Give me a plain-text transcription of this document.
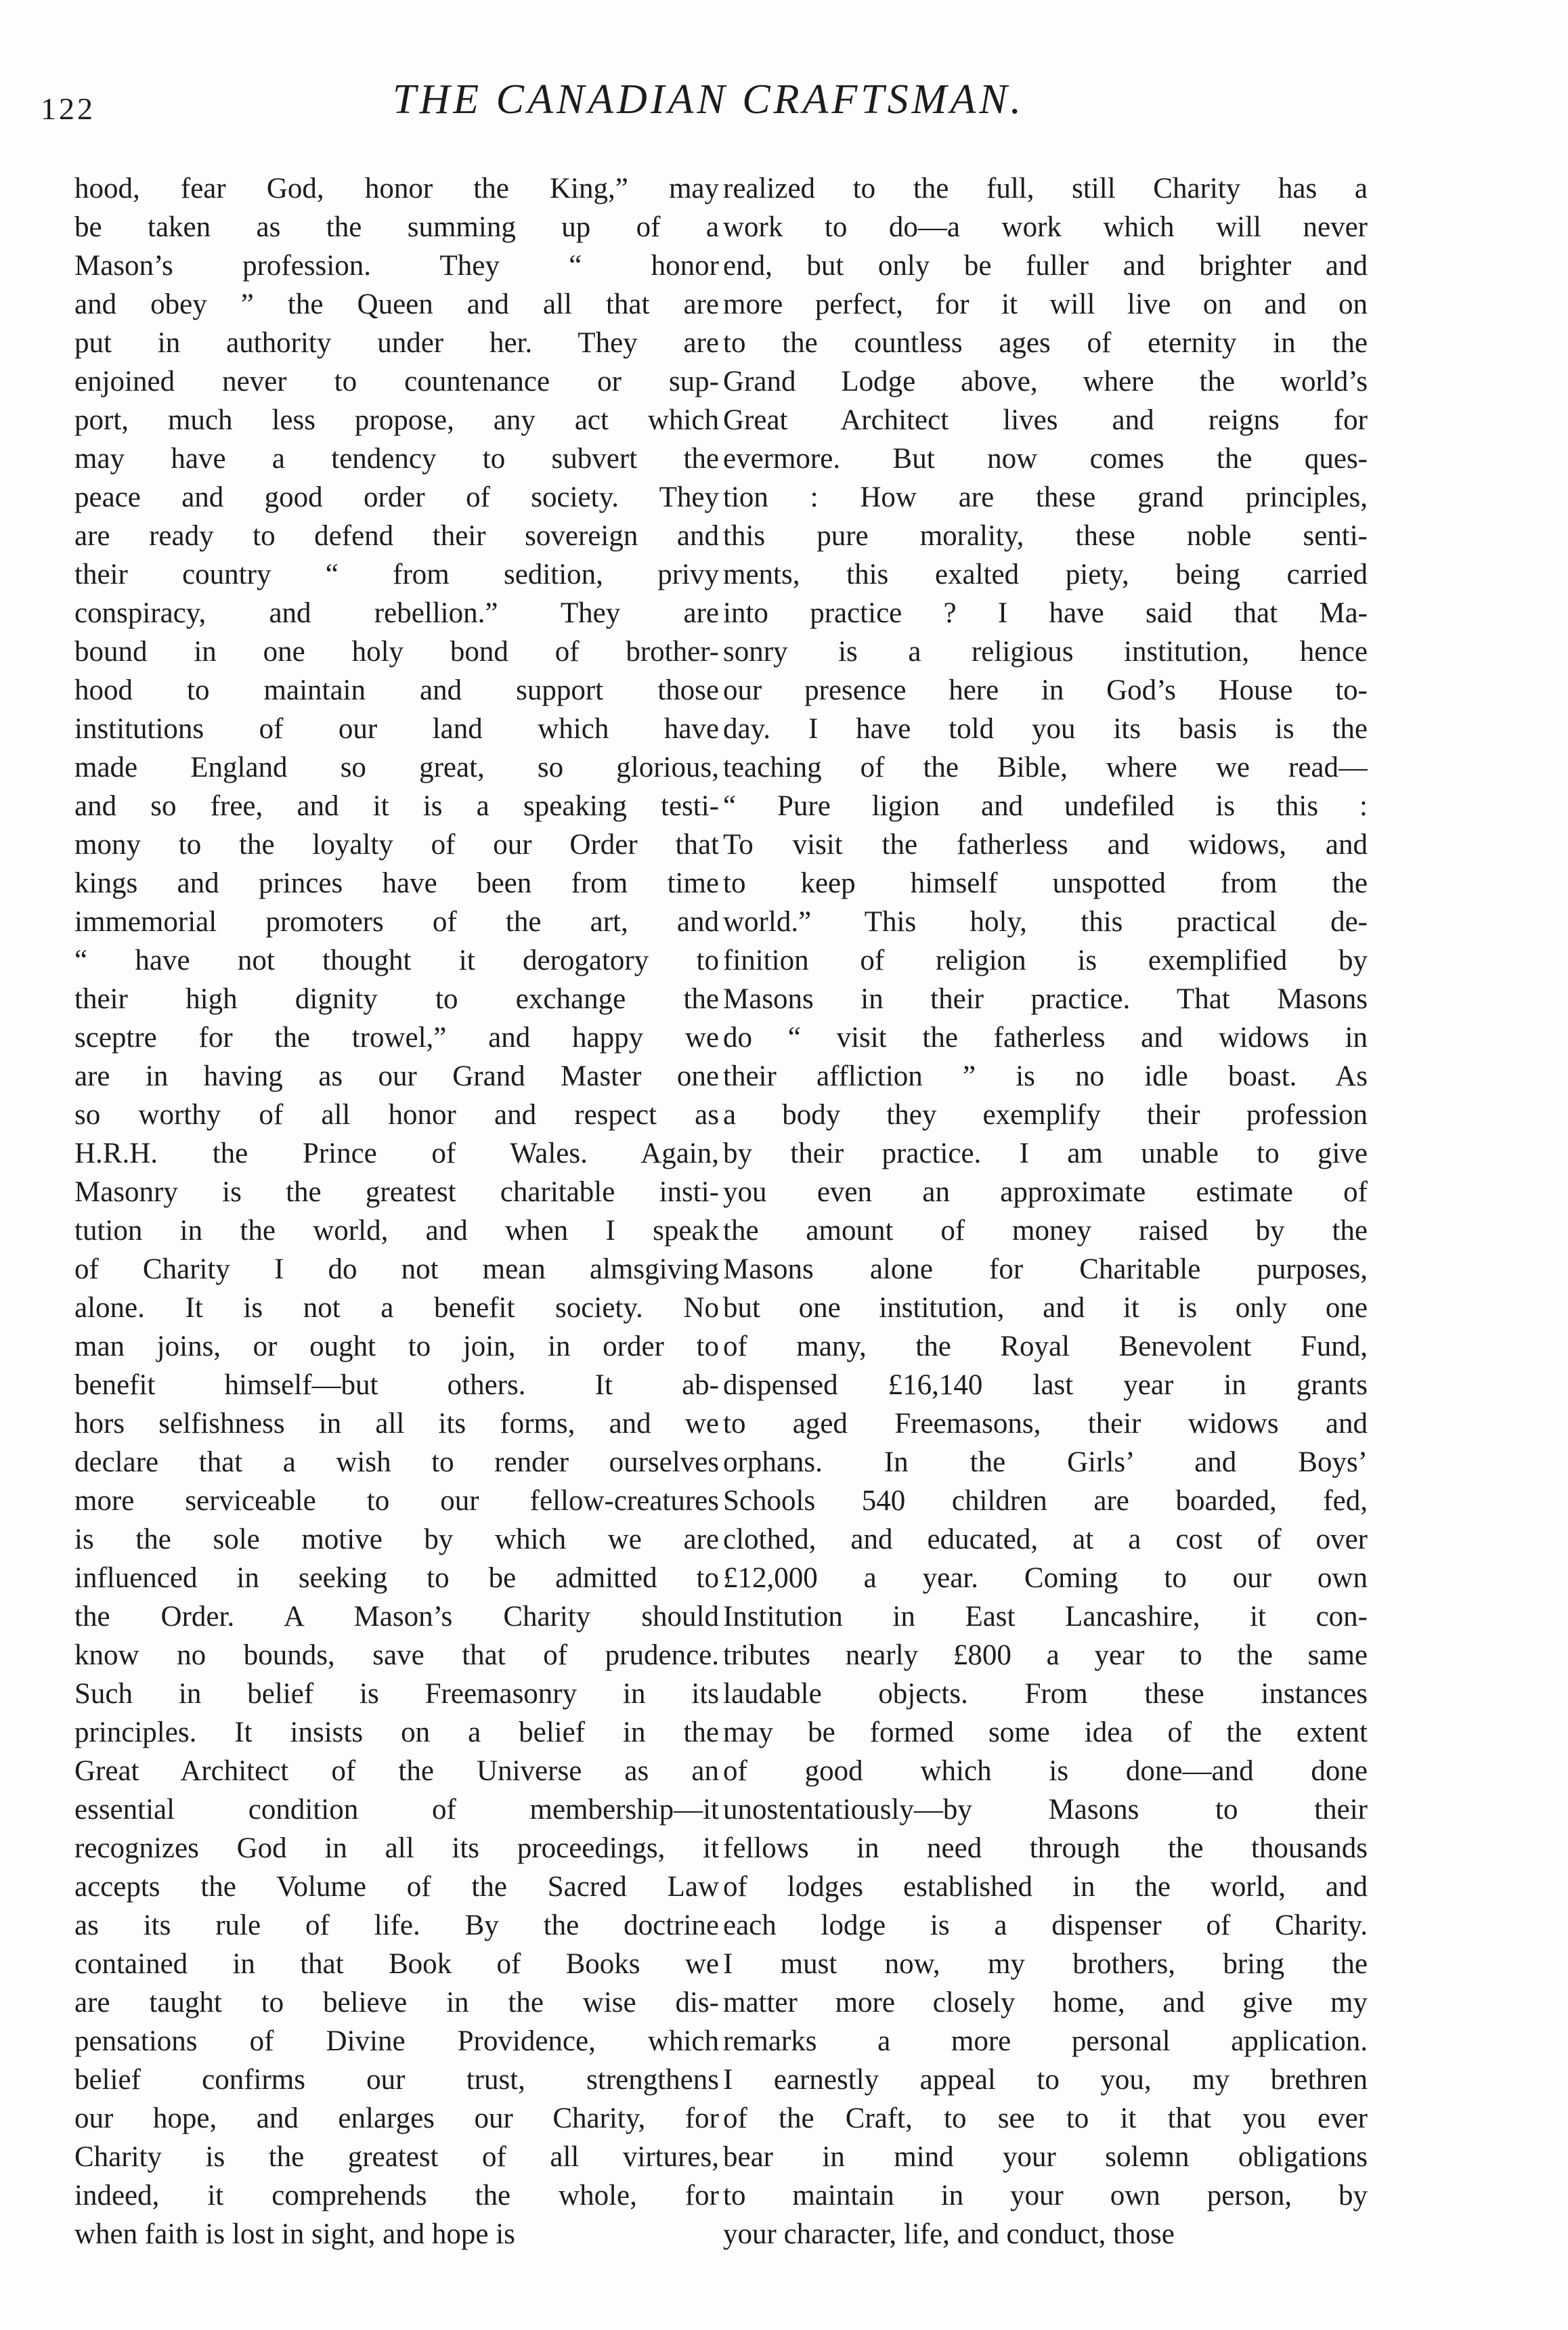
122	THE CANADIAN CRAFTSMAN.
hood, fear God, honor the King,” may
be taken as the summing up of a
Mason’s profession. They “ honor
and obey ” the Queen and all that are
put in authority under her. They are
enjoined never to countenance or sup-
port, much less propose, any act which
may have a tendency to subvert the
peace and good order of society. They
are ready to defend their sovereign and
their country “ from sedition, privy
conspiracy, and rebellion.” They are
bound in one holy bond of brother-
hood to maintain and support those
institutions of our land which have
made England so great, so glorious,
and so free, and it is a speaking testi-
mony to the loyalty of our Order that
kings and princes have been from time
immemorial promoters of the art, and
“ have not thought it derogatory to
their high dignity to exchange the
sceptre for the trowel,” and happy we
are in having as our Grand Master one
so worthy of all honor and respect as
H.R.H. the Prince of Wales. Again,
Masonry is the greatest charitable insti-
tution in the world, and when I speak
of Charity I do not mean almsgiving
alone. It is not a benefit society. No
man joins, or ought to join, in order to
benefit himself—but others. It ab-
hors selfishness in all its forms, and we
declare that a wish to render ourselves
more serviceable to our fellow-creatures
is the sole motive by which we are
influenced in seeking to be admitted to
the Order. A Mason’s Charity should
know no bounds, save that of prudence.
Such in belief is Freemasonry in its
principles. It insists on a belief in the
Great Architect of the Universe as an
essential condition of membership—it
recognizes God in all its proceedings, it
accepts the Volume of the Sacred Law
as its rule of life. By the doctrine
contained in that Book of Books we
are taught to believe in the wise dis-
pensations of Divine Providence, which
belief confirms our trust, strengthens
our hope, and enlarges our Charity, for
Charity is the greatest of all virtures,
indeed, it comprehends the whole, for
when faith is lost in sight, and hope is
realized to the full, still Charity has a
work to do—a work which will never
end, but only be fuller and brighter and
more perfect, for it will live on and on
to the countless ages of eternity in the
Grand Lodge above, where the world’s
Great Architect lives and reigns for
evermore. But now comes the ques-
tion : How are these grand principles,
this pure morality, these noble senti-
ments, this exalted piety, being carried
into practice ? I have said that Ma-
sonry is a religious institution, hence
our presence here in God’s House to-
day. I have told you its basis is the
teaching of the Bible, where we read—
“ Pure ligion and undefiled is this :
To visit the fatherless and widows, and
to keep himself unspotted from the
world.” This holy, this practical de-
finition of religion is exemplified by
Masons in their practice. That Masons
do “ visit the fatherless and widows in
their affliction ” is no idle boast. As
a body they exemplify their profession
by their practice. I am unable to give
you even an approximate estimate of
the amount of money raised by the
Masons alone for Charitable purposes,
but one institution, and it is only one
of many, the Royal Benevolent Fund,
dispensed £16,140 last year in grants
to aged Freemasons, their widows and
orphans. In the Girls’ and Boys’
Schools 540 children are boarded, fed,
clothed, and educated, at a cost of over
£12,000 a year. Coming to our own
Institution in East Lancashire, it con-
tributes nearly £800 a year to the same
laudable objects. From these instances
may be formed some idea of the extent
of good which is done—and done
unostentatiously—by Masons to their
fellows in need through the thousands
of lodges established in the world, and
each lodge is a dispenser of Charity.
I must now, my brothers, bring the
matter more closely home, and give my
remarks a more personal application.
I earnestly appeal to you, my brethren
of the Craft, to see to it that you ever
bear in mind your solemn obligations
to maintain in your own person, by
your character, life, and conduct, those
